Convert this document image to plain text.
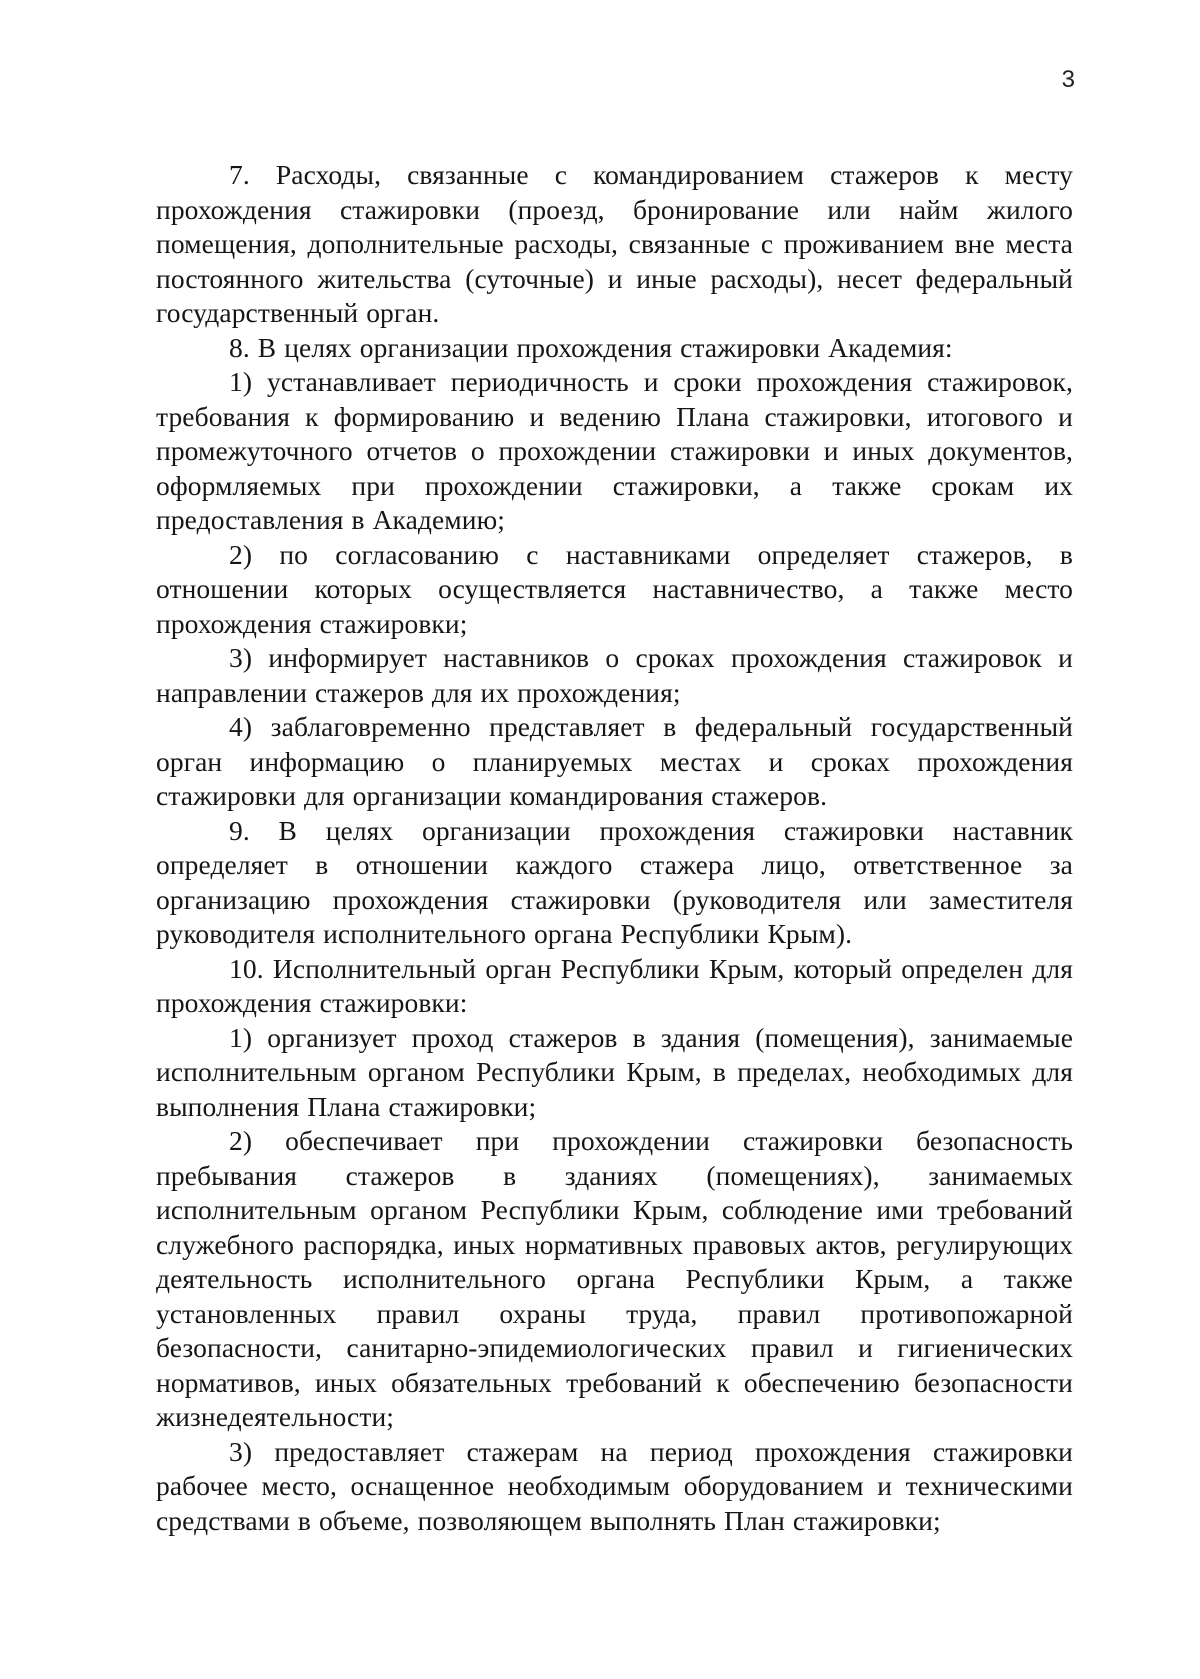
3

7. Расходы, связанные с командированием стажеров к месту прохождения стажировки (проезд, бронирование или найм жилого помещения, дополнительные расходы, связанные с проживанием вне места постоянного жительства (суточные) и иные расходы), несет федеральный государственный орган.

8. В целях организации прохождения стажировки Академия:

1) устанавливает периодичность и сроки прохождения стажировок, требования к формированию и ведению Плана стажировки, итогового и промежуточного отчетов о прохождении стажировки и иных документов, оформляемых при прохождении стажировки, а также срокам их предоставления в Академию;

2) по согласованию с наставниками определяет стажеров, в отношении которых осуществляется наставничество, а также место прохождения стажировки;

3) информирует наставников о сроках прохождения стажировок и направлении стажеров для их прохождения;

4) заблаговременно представляет в федеральный государственный орган информацию о планируемых местах и сроках прохождения стажировки для организации командирования стажеров.

9. В целях организации прохождения стажировки наставник определяет в отношении каждого стажера лицо, ответственное за организацию прохождения стажировки (руководителя или заместителя руководителя исполнительного органа Республики Крым).

10. Исполнительный орган Республики Крым, который определен для прохождения стажировки:

1) организует проход стажеров в здания (помещения), занимаемые исполнительным органом Республики Крым, в пределах, необходимых для выполнения Плана стажировки;

2) обеспечивает при прохождении стажировки безопасность пребывания стажеров в зданиях (помещениях), занимаемых исполнительным органом Республики Крым, соблюдение ими требований служебного распорядка, иных нормативных правовых актов, регулирующих деятельность исполнительного органа Республики Крым, а также установленных правил охраны труда, правил противопожарной безопасности, санитарно-эпидемиологических правил и гигиенических нормативов, иных обязательных требований к обеспечению безопасности жизнедеятельности;

3) предоставляет стажерам на период прохождения стажировки рабочее место, оснащенное необходимым оборудованием и техническими средствами в объеме, позволяющем выполнять План стажировки;
